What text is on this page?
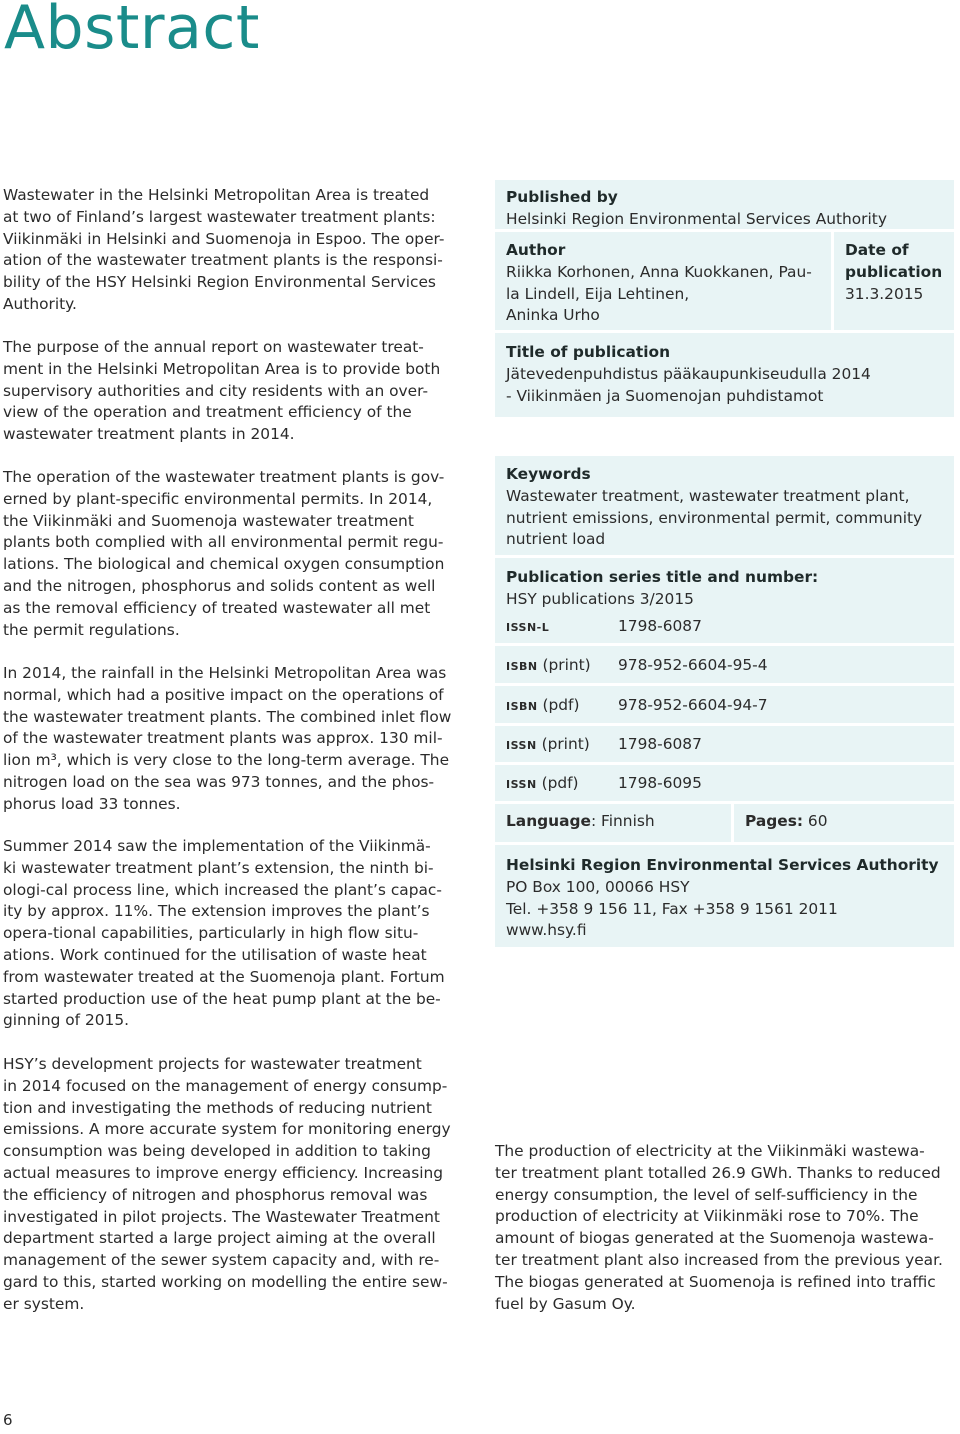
Abstract

Wastewater in the Helsinki Metropolitan Area is treated
at two of Finland’s largest wastewater treatment plants:
Viikinmäki in Helsinki and Suomenoja in Espoo. The oper-
ation of the wastewater treatment plants is the responsi-
bility of the HSY Helsinki Region Environmental Services
Authority.

The purpose of the annual report on wastewater treat-
ment in the Helsinki Metropolitan Area is to provide both
supervisory authorities and city residents with an over-
view of the operation and treatment efficiency of the
wastewater treatment plants in 2014.

The operation of the wastewater treatment plants is gov-
erned by plant-specific environmental permits. In 2014,
the Viikinmäki and Suomenoja wastewater treatment
plants both complied with all environmental permit regu-
lations. The biological and chemical oxygen consumption
and the nitrogen, phosphorus and solids content as well
as the removal efficiency of treated wastewater all met
the permit regulations.

In 2014, the rainfall in the Helsinki Metropolitan Area was
normal, which had a positive impact on the operations of
the wastewater treatment plants. The combined inlet flow
of the wastewater treatment plants was approx. 130 mil-
lion m³, which is very close to the long-term average. The
nitrogen load on the sea was 973 tonnes, and the phos-
phorus load 33 tonnes.

Summer 2014 saw the implementation of the Viikinmä-
ki wastewater treatment plant’s extension, the ninth bi-
ologi-cal process line, which increased the plant’s capac-
ity by approx. 11%. The extension improves the plant’s
opera-tional capabilities, particularly in high flow situ-
ations. Work continued for the utilisation of waste heat
from wastewater treated at the Suomenoja plant. Fortum
started production use of the heat pump plant at the be-
ginning of 2015.

HSY’s development projects for wastewater treatment
in 2014 focused on the management of energy consump-
tion and investigating the methods of reducing nutrient
emissions. A more accurate system for monitoring energy
consumption was being developed in addition to taking
actual measures to improve energy efficiency. Increasing
the efficiency of nitrogen and phosphorus removal was
investigated in pilot projects. The Wastewater Treatment
department started a large project aiming at the overall
management of the sewer system capacity and, with re-
gard to this, started working on modelling the entire sew-
er system.

Published by
Helsinki Region Environmental Services Authority
Author
Riikka Korhonen, Anna Kuokkanen, Pau-
la Lindell, Eija Lehtinen,
Aninka Urho
Date of
publication
31.3.2015
Title of publication
Jätevedenpuhdistus pääkaupunkiseudulla 2014
- Viikinmäen ja Suomenojan puhdistamot
Keywords
Wastewater treatment, wastewater treatment plant,
nutrient emissions, environmental permit, community
nutrient load
Publication series title and number:
HSY publications 3/2015
ISSN-L	1798-6087
ISBN (print)	978-952-6604-95-4
ISBN (pdf)	978-952-6604-94-7
ISSN (print)	1798-6087
ISSN (pdf)	1798-6095
Language: Finnish	Pages: 60
Helsinki Region Environmental Services Authority
PO Box 100, 00066 HSY
Tel. +358 9 156 11, Fax +358 9 1561 2011
www.hsy.fi

The production of electricity at the Viikinmäki wastewa-
ter treatment plant totalled 26.9 GWh. Thanks to reduced
energy consumption, the level of self-sufficiency in the
production of electricity at Viikinmäki rose to 70%. The
amount of biogas generated at the Suomenoja wastewa-
ter treatment plant also increased from the previous year.
The biogas generated at Suomenoja is refined into traffic
fuel by Gasum Oy.

6
